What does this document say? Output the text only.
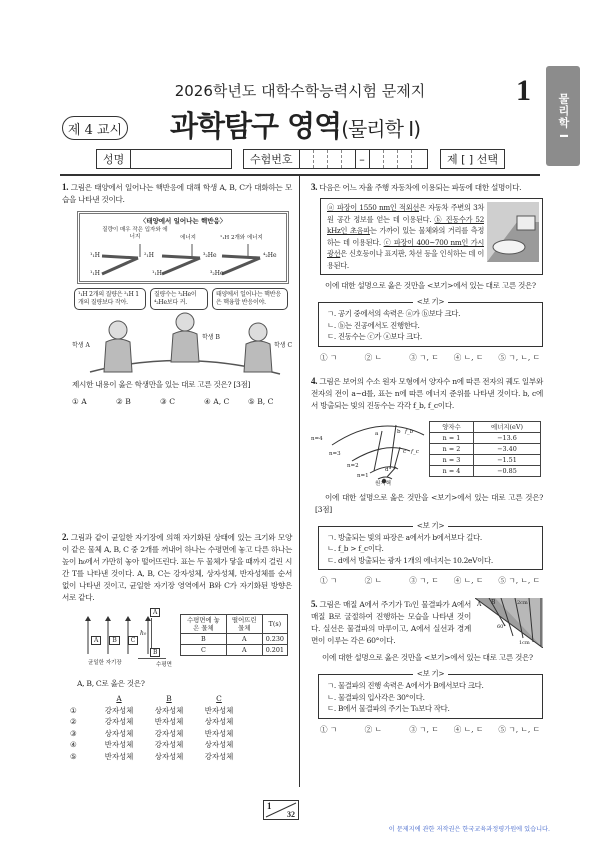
2026학년도 대학수학능력시험 문제지	1
물리학 I
제 4 교시 과학탐구 영역(물리학 I)
성명	수험번호	–	제 [ ] 선택
1. 그림은 태양에서 일어나는 핵반응에 대해 학생 A, B, C가 대화하는 모습을 나타낸 것이다.
〈태양에서 일어나는 핵반응〉
질량이 매우 작은 입자와 에너지	에너지	¹₁H 2개와 에너지
¹₁H
¹₁H
²₁H
¹₁H
³₂He
³₂He
⁴₂He
¹₁H 2개의 질량은 ²₁H 1개의 질량보다 작아.
질량수는 ³₂He이 ⁴₂He보다 커.
태양에서 일어나는 핵반응은 핵융합 반응이야.
학생 A
학생 B
학생 C
제시한 내용이 옳은 학생만을 있는 대로 고른 것은? [3점]
① A	② B	③ C	④ A, C	⑤ B, C
2. 그림과 같이 균일한 자기장에 의해 자기화된 상태에 있는 크기와 모양이 같은 물체 A, B, C 중 2개를 꺼내어 하나는 수평면에 놓고 다른 하나는 높이 h₀에서 가만히 놓아 떨어뜨린다. 표는 두 물체가 닿을 때까지 걸린 시간 T를 나타낸 것이다. A, B, C는 강자성체, 상자성체, 반자성체를 순서 없이 나타낸 것이고, 균일한 자기장 영역에서 B와 C가 자기화된 방향은 서로 같다.
A	B	C
균일한 자기장
A
h₀
B
수평면
수평면에 놓은 물체	떨어뜨린 물체	T(s)
B	A	0.230
C	A	0.201
A, B, C로 옳은 것은?
A	B	C
①	강자성체	상자성체	반자성체
②	강자성체	반자성체	상자성체
③	상자성체	강자성체	반자성체
④	반자성체	강자성체	상자성체
⑤	반자성체	상자성체	강자성체
3. 다음은 어느 자율 주행 자동차에 이용되는 파동에 대한 설명이다.
ⓐ 파장이 1550 nm인 적외선은 자동차 주변의 3차원 공간 정보를 얻는 데 이용된다. ⓑ 진동수가 52 kHz인 초음파는 가까이 있는 물체와의 거리를 측정하는 데 이용된다. ⓒ 파장이 400~700 nm인 가시광선은 신호등이나 표지판, 차선 등을 인식하는 데 이용된다.
이에 대한 설명으로 옳은 것만을 <보기>에서 있는 대로 고른 것은?
<보 기>
ㄱ. 공기 중에서의 속력은 ⓐ가 ⓑ보다 크다.
ㄴ. ⓑ는 진공에서도 진행한다.
ㄷ. 진동수는 ⓒ가 ⓐ보다 크다.
① ㄱ	② ㄴ	③ ㄱ, ㄷ	④ ㄴ, ㄷ	⑤ ㄱ, ㄴ, ㄷ
4. 그림은 보어의 수소 원자 모형에서 양자수 n에 따른 전자의 궤도 일부와 전자의 전이 a~d를, 표는 n에 따른 에너지 준위를 나타낸 것이다. b, c에서 방출되는 빛의 진동수는 각각 f_b, f_c이다.
n=4
n=3
n=2
n=1
a	b
c
d
f_b
f_c
원자핵
양자수	에너지(eV)
n = 1	−13.6
n = 2	−3.40
n = 3	−1.51
n = 4	−0.85
이에 대한 설명으로 옳은 것만을 <보기>에서 있는 대로 고른 것은? [3점]
<보 기>
ㄱ. 방출되는 빛의 파장은 a에서가 b에서보다 길다.
ㄴ. f_b > f_c이다.
ㄷ. d에서 방출되는 광자 1개의 에너지는 10.2eV이다.
① ㄱ	② ㄴ	③ ㄱ, ㄷ	④ ㄴ, ㄷ	⑤ ㄱ, ㄴ, ㄷ
5. 그림은 매질 A에서 주기가 T₀인 물결파가 A에서 매질 B로 굴절하여 진행하는 모습을 나타낸 것이다. 실선은 물결파의 마루이고, A에서 실선과 경계면이 이루는 각은 60°이다.
A B	2cm
60°
1cm
이에 대한 설명으로 옳은 것만을 <보기>에서 있는 대로 고른 것은?
<보 기>
ㄱ. 물결파의 진행 속력은 A에서가 B에서보다 크다.
ㄴ. 물결파의 입사각은 30°이다.
ㄷ. B에서 물결파의 주기는 T₀보다 작다.
① ㄱ	② ㄴ	③ ㄱ, ㄷ	④ ㄴ, ㄷ	⑤ ㄱ, ㄴ, ㄷ
1
32
이 문제지에 관한 저작권은 한국교육과정평가원에 있습니다.
